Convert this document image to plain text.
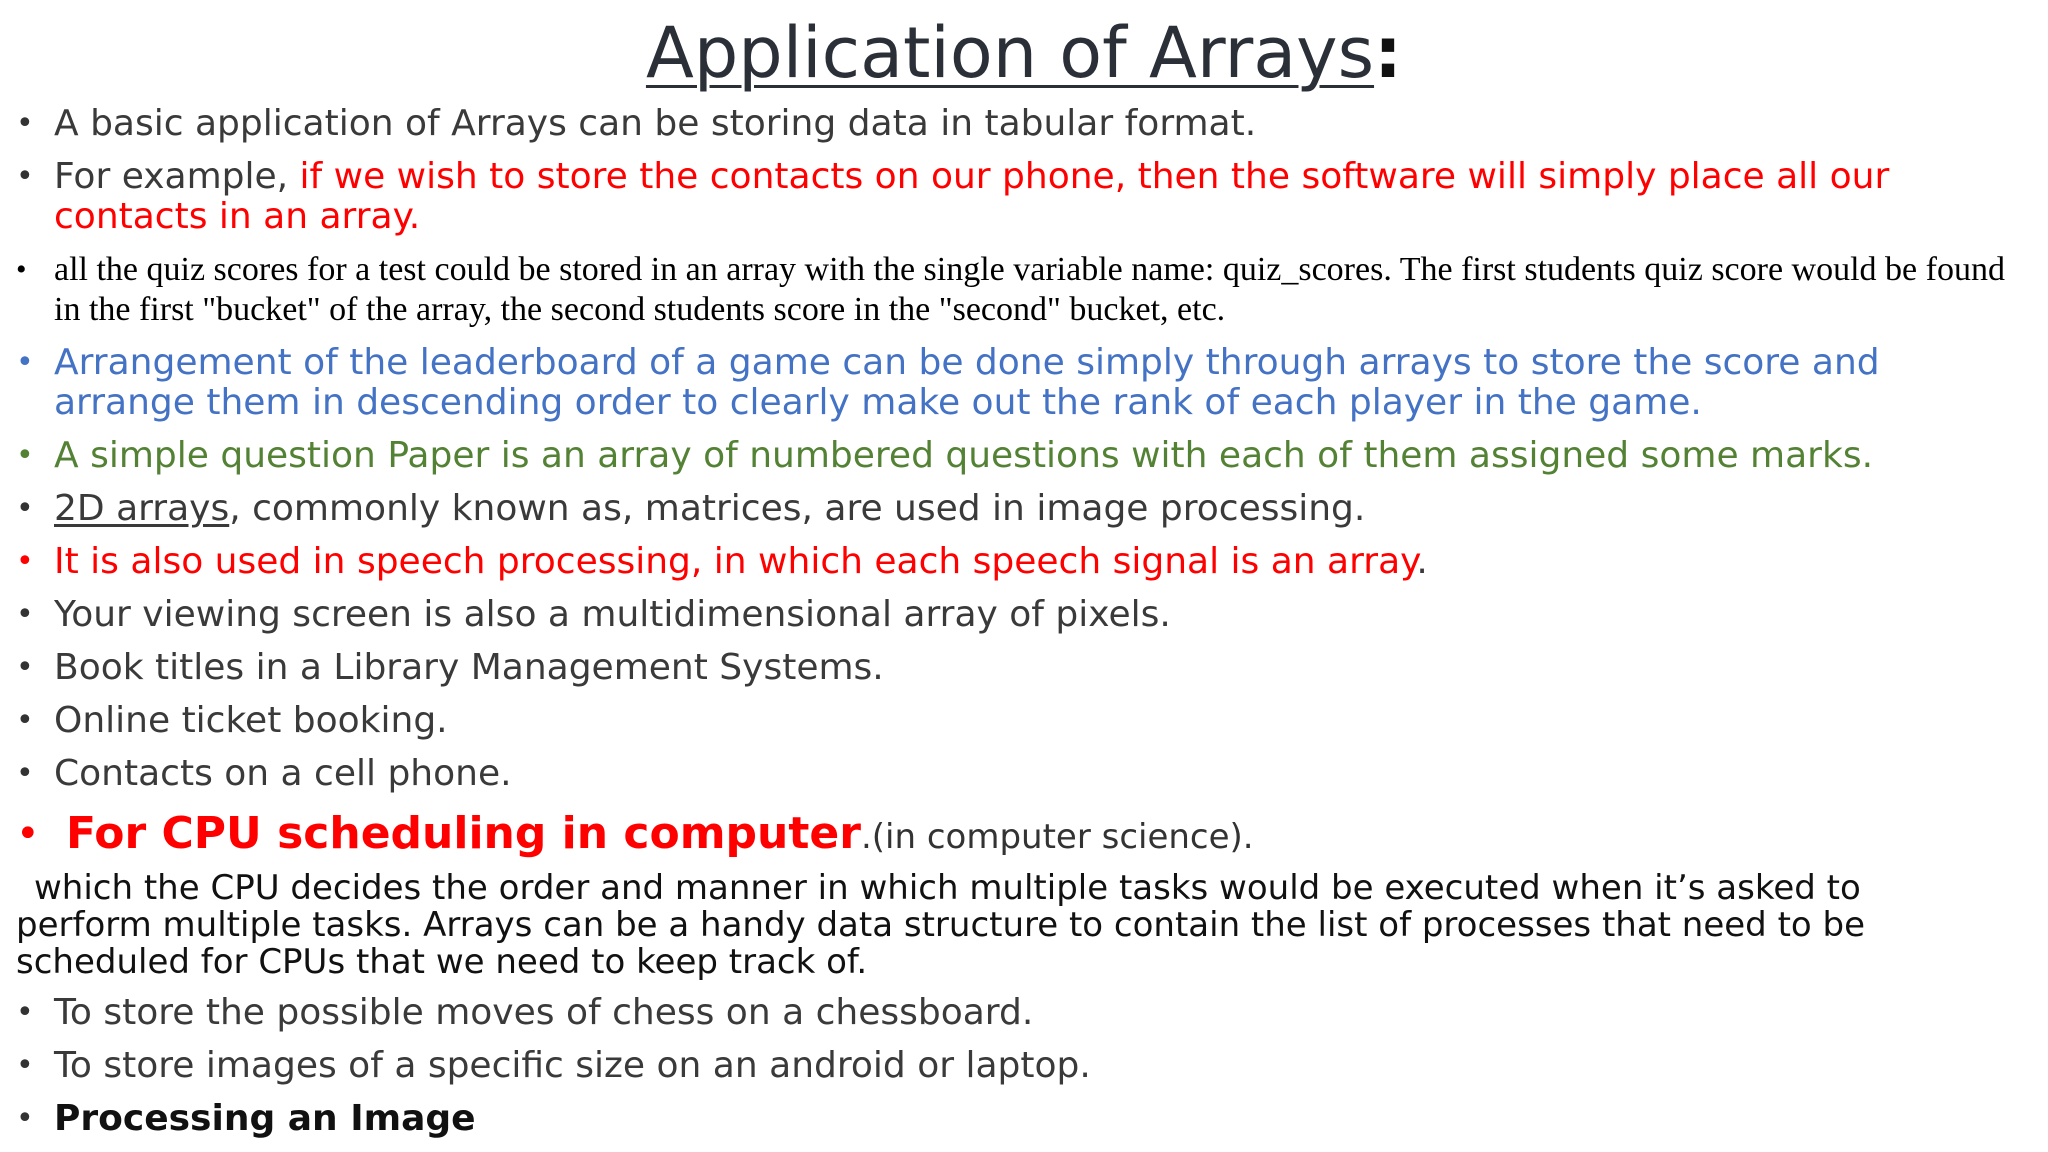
Application of Arrays:
• A basic application of Arrays can be storing data in tabular format.
• For example, if we wish to store the contacts on our phone, then the software will simply place all our contacts in an array.
• all the quiz scores for a test could be stored in an array with the single variable name: quiz_scores. The first students quiz score would be found in the first "bucket" of the array, the second students score in the "second" bucket, etc.
• Arrangement of the leaderboard of a game can be done simply through arrays to store the score and arrange them in descending order to clearly make out the rank of each player in the game.
• A simple question Paper is an array of numbered questions with each of them assigned some marks.
• 2D arrays, commonly known as, matrices, are used in image processing.
• It is also used in speech processing, in which each speech signal is an array.
• Your viewing screen is also a multidimensional array of pixels.
• Book titles in a Library Management Systems.
• Online ticket booking.
• Contacts on a cell phone.
• For CPU scheduling in computer.(in computer science).
which the CPU decides the order and manner in which multiple tasks would be executed when it’s asked to perform multiple tasks. Arrays can be a handy data structure to contain the list of processes that need to be scheduled for CPUs that we need to keep track of.
• To store the possible moves of chess on a chessboard.
• To store images of a specific size on an android or laptop.
• Processing an Image
